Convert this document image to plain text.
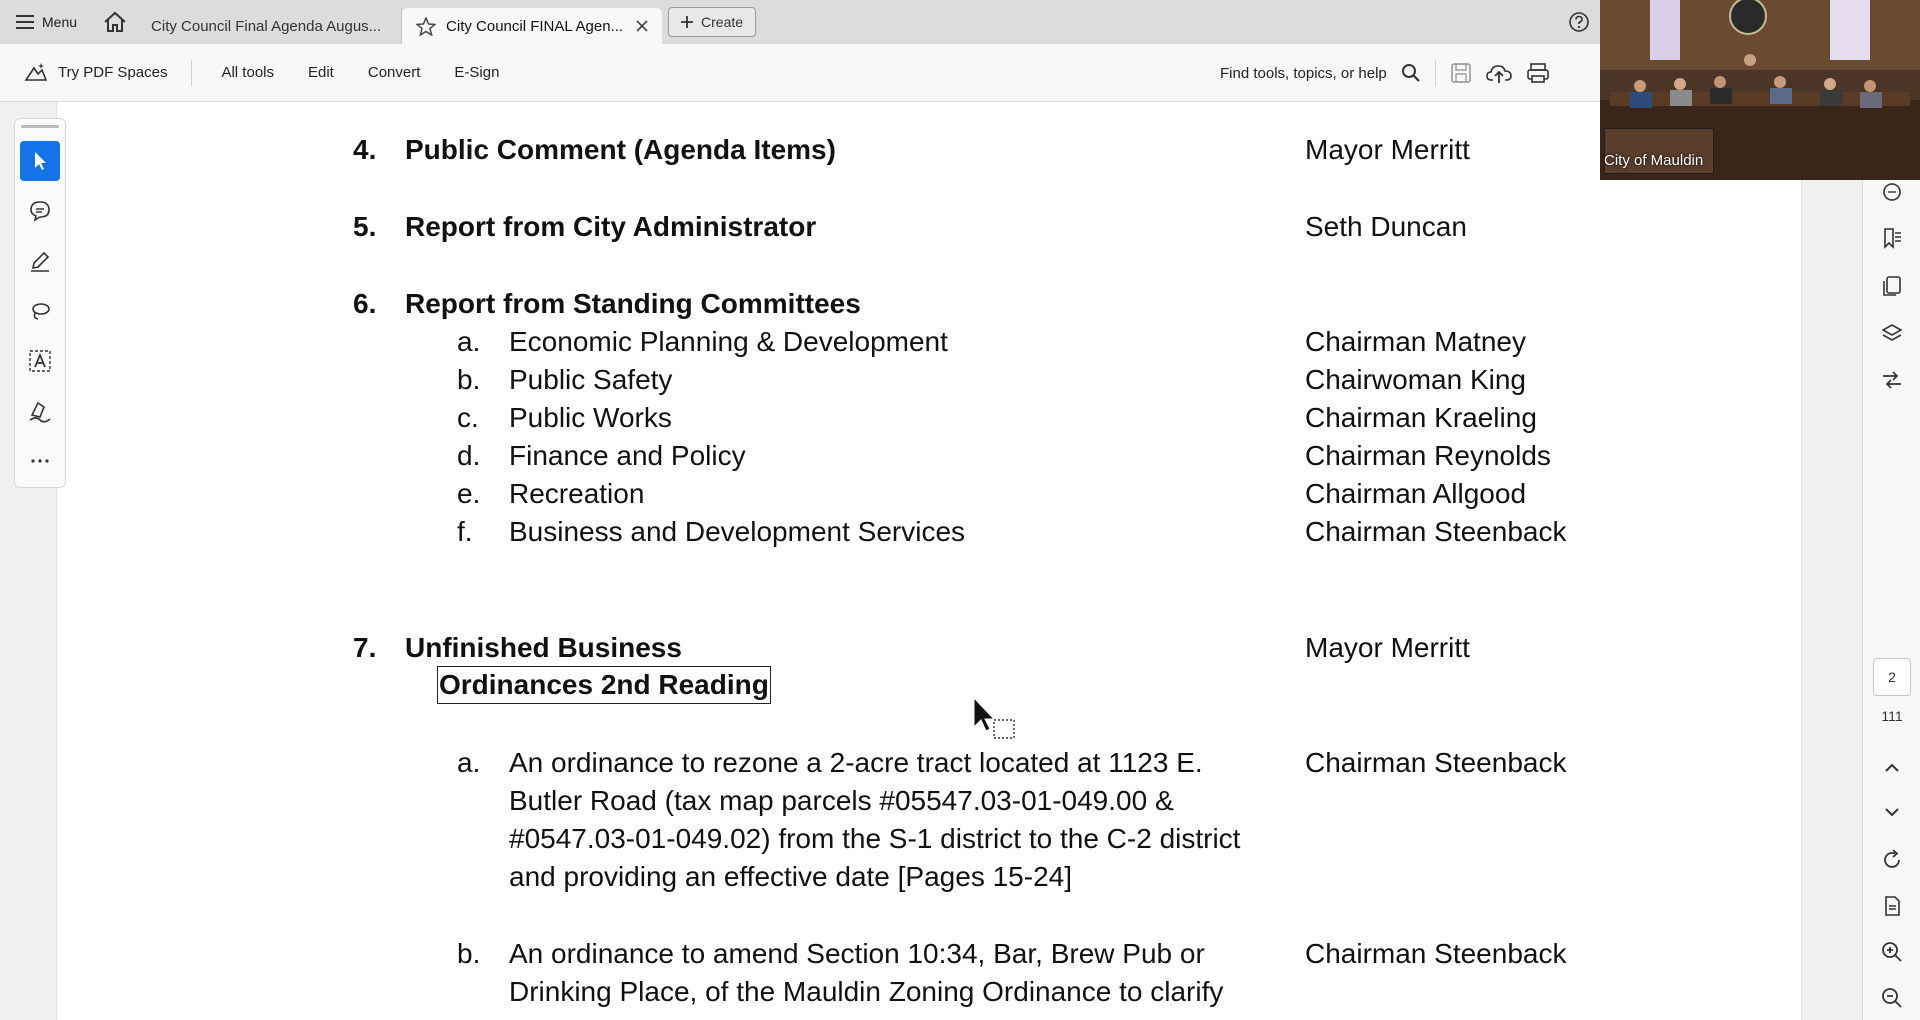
Menu	City Council Final Agenda Augus...	City Council FINAL Agen...	Create
Try PDF Spaces	All tools	Edit	Convert	E-Sign	Find tools, topics, or help
4. Public Comment (Agenda Items)	Mayor Merritt
5. Report from City Administrator	Seth Duncan
6. Report from Standing Committees
a. Economic Planning & Development	Chairman Matney
b. Public Safety	Chairwoman King
c. Public Works	Chairman Kraeling
d. Finance and Policy	Chairman Reynolds
e. Recreation	Chairman Allgood
f. Business and Development Services	Chairman Steenback
7. Unfinished Business	Mayor Merritt
Ordinances 2nd Reading
a. An ordinance to rezone a 2-acre tract located at 1123 E.	Chairman Steenback
Butler Road (tax map parcels #05547.03-01-049.00 &
#0547.03-01-049.02) from the S-1 district to the C-2 district
and providing an effective date [Pages 15-24]
b. An ordinance to amend Section 10:34, Bar, Brew Pub or	Chairman Steenback
Drinking Place, of the Mauldin Zoning Ordinance to clarify
2
111
City of Mauldin
